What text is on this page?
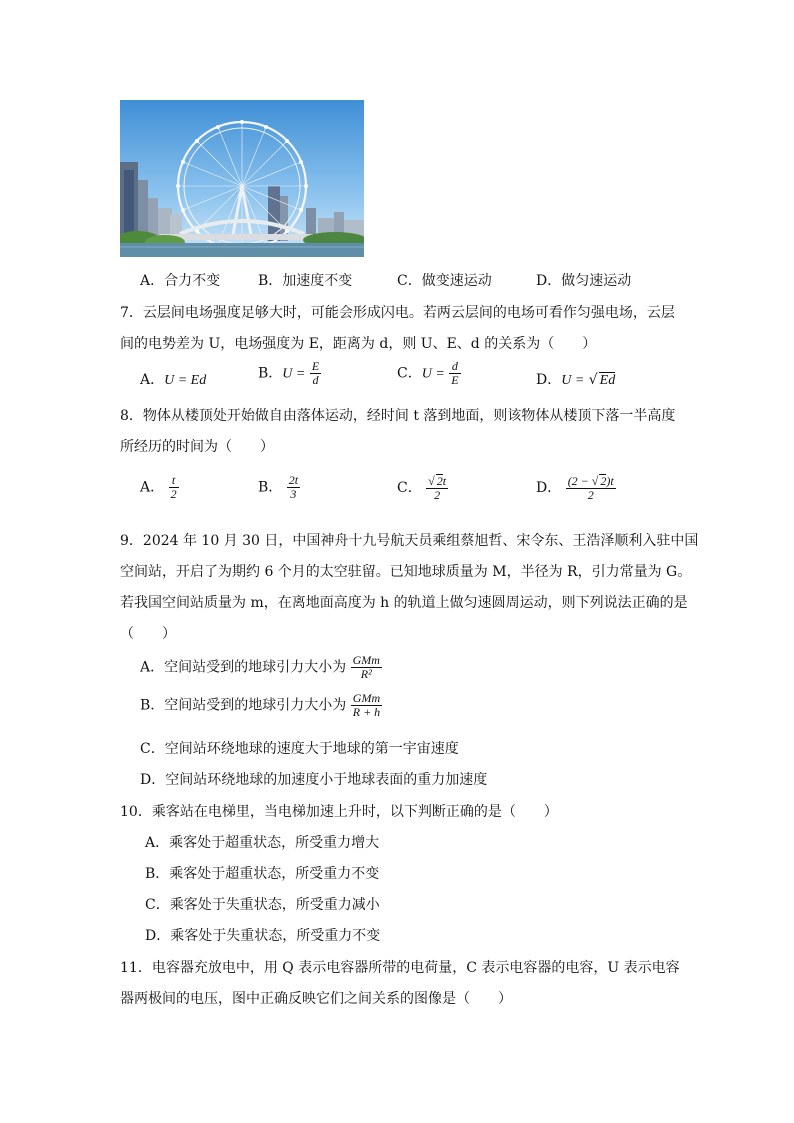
A．合力不变	B．加速度不变	C．做变速运动	D．做匀速运动
7．云层间电场强度足够大时，可能会形成闪电。若两云层间的电场可看作匀强电场，云层
间的电势差为 U，电场强度为 E，距离为 d，则 U、E、d 的关系为（　　）
A．U = Ed	B．$U = \frac{E}{d}$	C．$U = \frac{d}{E}$	D．U = √ Ed
8．物体从楼顶处开始做自由落体运动，经时间 t 落到地面，则该物体从楼顶下落一半高度
所经历的时间为（　　）
A． $\frac{t}{2}$	B． $\frac{2t}{3}$	C． $\frac{√ 2t}{2}$	D． $\frac{(2 - √ 2)t}{2}$
9．2024 年 10 月 30 日，中国神舟十九号航天员乘组蔡旭哲、宋令东、王浩泽顺利入驻中国
空间站，开启了为期约 6 个月的太空驻留。已知地球质量为 M，半径为 R，引力常量为 G。
若我国空间站质量为 m，在离地面高度为 h 的轨道上做匀速圆周运动，则下列说法正确的是
（　　）
A．空间站受到的地球引力大小为 $\frac{\text{GMm}}{\text{R²}}$
B．空间站受到的地球引力大小为 $\frac{\text{GMm}}{R + h}$
C．空间站环绕地球的速度大于地球的第一宇宙速度
D．空间站环绕地球的加速度小于地球表面的重力加速度
10．乘客站在电梯里，当电梯加速上升时，以下判断正确的是（　　）
A．乘客处于超重状态，所受重力增大
B．乘客处于超重状态，所受重力不变
C．乘客处于失重状态，所受重力减小
D．乘客处于失重状态，所受重力不变
11．电容器充放电中，用 Q 表示电容器所带的电荷量，C 表示电容器的电容，U 表示电容
器两极间的电压，图中正确反映它们之间关系的图像是（　　）
